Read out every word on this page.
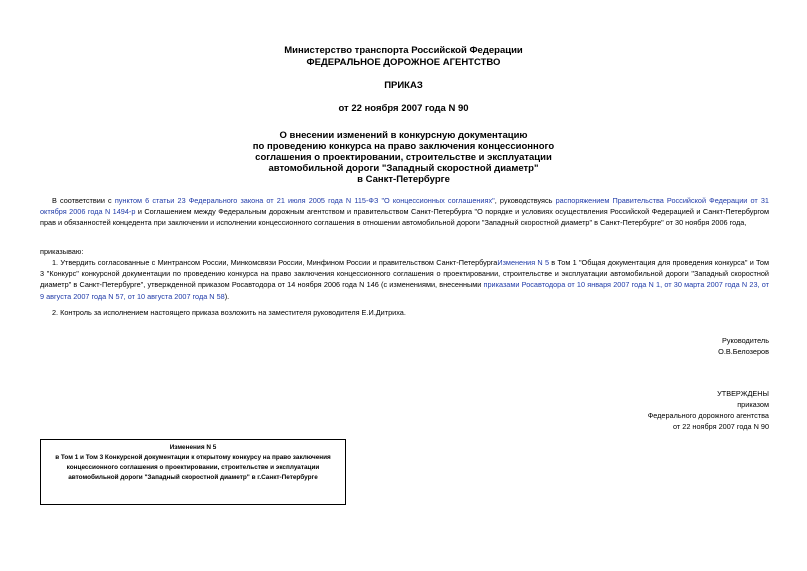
Министерство транспорта Российской Федерации
ФЕДЕРАЛЬНОЕ ДОРОЖНОЕ АГЕНТСТВО
ПРИКАЗ
от 22 ноября 2007 года N 90
О внесении изменений в конкурсную документацию
по проведению конкурса на право заключения концессионного
соглашения о проектировании, строительстве и эксплуатации
автомобильной дороги "Западный скоростной диаметр"
в Санкт-Петербурге
В соответствии с пунктом 6 статьи 23 Федерального закона от 21 июля 2005 года N 115-ФЗ "О концессионных соглашениях", руководствуясь распоряжением Правительства Российской Федерации от 31 октября 2006 года N 1494-р и Соглашением между Федеральным дорожным агентством и правительством Санкт-Петербурга "О порядке и условиях осуществления Российской Федерацией и Санкт-Петербургом прав и обязанностей концедента при заключении и исполнении концессионного соглашения в отношении автомобильной дороги "Западный скоростной диаметр" в Санкт-Петербурге" от 30 ноября 2006 года,
приказываю:
1. Утвердить согласованные с Минтрансом России, Минкомсвязи России, Минфином России и правительством Санкт-ПетербургаИзменения N 5 в Том 1 "Общая документация для проведения конкурса" и Том 3 "Конкурс" конкурсной документации по проведению конкурса на право заключения концессионного соглашения о проектировании, строительстве и эксплуатации автомобильной дороги "Западный скоростной диаметр" в Санкт-Петербурге", утвержденной приказом Росавтодора от 14 ноября 2006 года N 146 (с изменениями, внесенными приказами Росавтодора от 10 января 2007 года N 1, от 30 марта 2007 года N 23, от 9 августа 2007 года N 57, от 10 августа 2007 года N 58).
2. Контроль за исполнением настоящего приказа возложить на заместителя руководителя Е.И.Дитриха.
Руководитель
О.В.Белозеров
УТВЕРЖДЕНЫ
приказом
Федерального дорожного агентства
от 22 ноября 2007 года N 90
Изменения N 5
в Том 1 и Том 3 Конкурсной документации к открытому конкурсу на право заключения
концессионного соглашения о проектировании, строительстве и эксплуатации
автомобильной дороги "Западный скоростной диаметр" в г.Санкт-Петербурге
